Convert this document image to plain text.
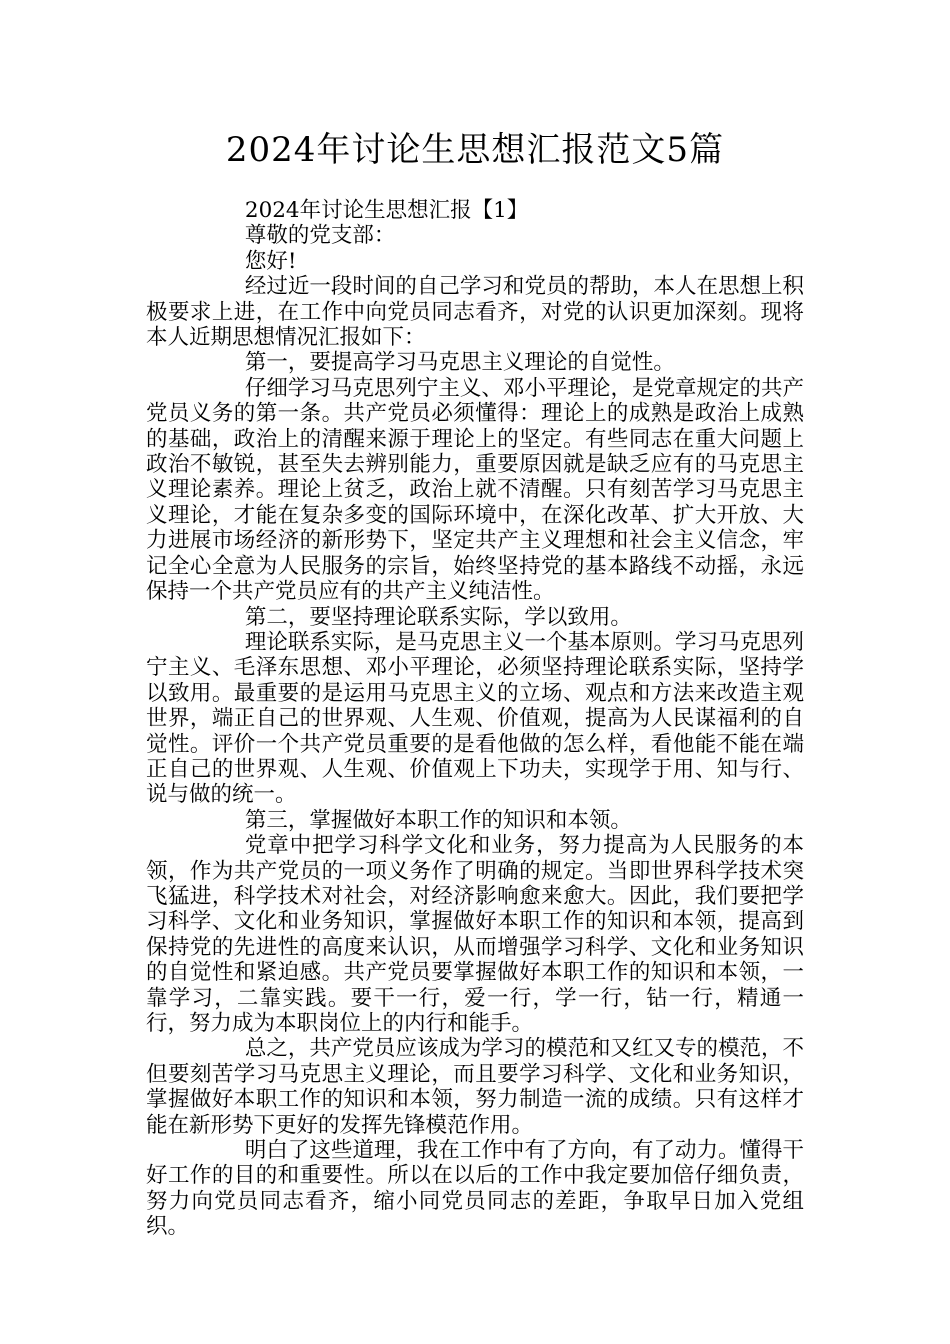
2024年讨论生思想汇报范文5篇

2024年讨论生思想汇报【1】

尊敬的党支部：

您好!

经过近一段时间的自己学习和党员的帮助，本人在思想上积极要求上进，在工作中向党员同志看齐，对党的认识更加深刻。现将本人近期思想情况汇报如下：

第一，要提高学习马克思主义理论的自觉性。

仔细学习马克思列宁主义、邓小平理论，是党章规定的共产党员义务的第一条。共产党员必须懂得：理论上的成熟是政治上成熟的基础，政治上的清醒来源于理论上的坚定。有些同志在重大问题上政治不敏锐，甚至失去辨别能力，重要原因就是缺乏应有的马克思主义理论素养。理论上贫乏，政治上就不清醒。只有刻苦学习马克思主义理论，才能在复杂多变的国际环境中，在深化改革、扩大开放、大力进展市场经济的新形势下，坚定共产主义理想和社会主义信念，牢记全心全意为人民服务的宗旨，始终坚持党的基本路线不动摇，永远保持一个共产党员应有的共产主义纯洁性。

第二，要坚持理论联系实际，学以致用。

理论联系实际，是马克思主义一个基本原则。学习马克思列宁主义、毛泽东思想、邓小平理论，必须坚持理论联系实际，坚持学以致用。最重要的是运用马克思主义的立场、观点和方法来改造主观世界，端正自己的世界观、人生观、价值观，提高为人民谋福利的自觉性。评价一个共产党员重要的是看他做的怎么样，看他能不能在端正自己的世界观、人生观、价值观上下功夫，实现学于用、知与行、说与做的统一。

第三，掌握做好本职工作的知识和本领。

党章中把学习科学文化和业务，努力提高为人民服务的本领，作为共产党员的一项义务作了明确的规定。当即世界科学技术突飞猛进，科学技术对社会，对经济影响愈来愈大。因此，我们要把学习科学、文化和业务知识，掌握做好本职工作的知识和本领，提高到保持党的先进性的高度来认识，从而增强学习科学、文化和业务知识的自觉性和紧迫感。共产党员要掌握做好本职工作的知识和本领，一靠学习，二靠实践。要干一行，爱一行，学一行，钻一行，精通一行，努力成为本职岗位上的内行和能手。

总之，共产党员应该成为学习的模范和又红又专的模范，不但要刻苦学习马克思主义理论，而且要学习科学、文化和业务知识，掌握做好本职工作的知识和本领，努力制造一流的成绩。只有这样才能在新形势下更好的发挥先锋模范作用。

明白了这些道理，我在工作中有了方向，有了动力。懂得干好工作的目的和重要性。所以在以后的工作中我定要加倍仔细负责，努力向党员同志看齐，缩小同党员同志的差距，争取早日加入党组织。
